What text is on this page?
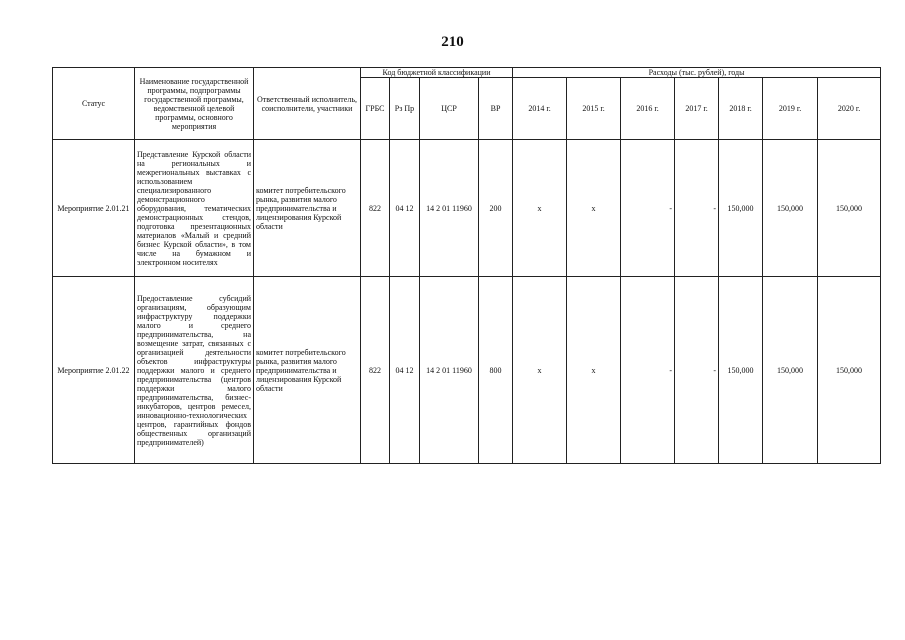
210
Статус	Наименование государственной программы, подпрограммы государственной программы, ведомственной целевой программы, основного мероприятия	Ответственный исполнитель, соисполнители, участники	Код бюджетной классификации				Расходы (тыс. рублей), годы						
			ГРБС	Рз Пр	ЦСР	ВР	2014 г.	2015 г.	2016 г.	2017 г.	2018 г.	2019 г.	2020 г.
Мероприятие 2.01.21	Представление Курской области на региональных и межрегиональных выставках с использованием специализированного демонстрационного оборудования, тематических демонстрационных стендов, подготовка презентационных материалов «Малый и средний бизнес Курской области», в том числе на бумажном и электронном носителях	комитет потребительского рынка, развития малого предпринимательства и лицензирования Курской области	822	04 12	14 2 01 11960	200	x	x	-	-	150,000	150,000	150,000
Мероприятие 2.01.22	Предоставление субсидий организациям, образующим инфраструктуру поддержки малого и среднего предпринимательства, на возмещение затрат, связанных с организацией деятельности объектов инфраструктуры поддержки малого и среднего предпринимательства (центров поддержки малого предпринимательства, бизнес-инкубаторов, центров ремесел, инновационно-технологических центров, гарантийных фондов общественных организаций предпринимателей)	комитет потребительского рынка, развития малого предпринимательства и лицензирования Курской области	822	04 12	14 2 01 11960	800	x	x	-	-	150,000	150,000	150,000
